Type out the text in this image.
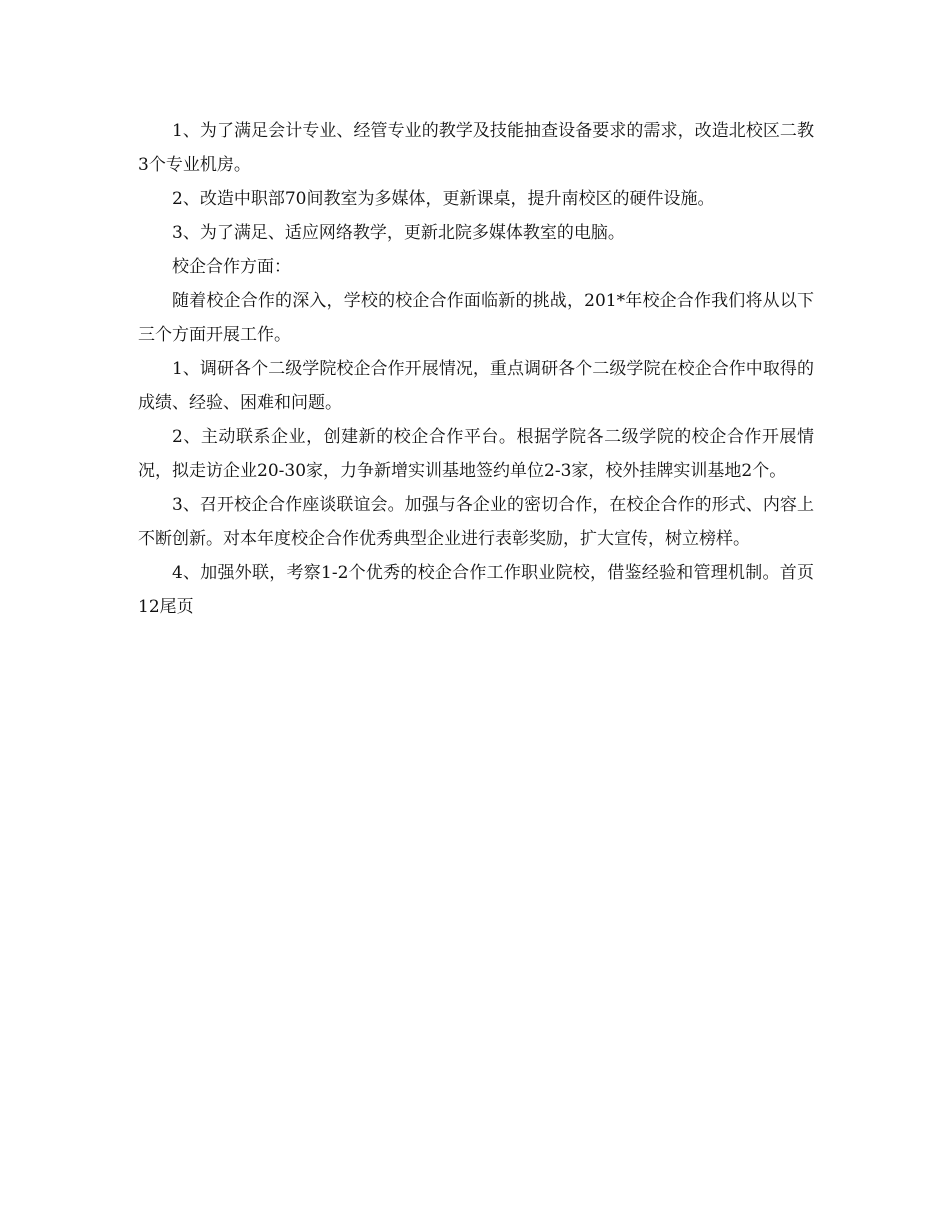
1、为了满足会计专业、经管专业的教学及技能抽查设备要求的需求，改造北校区二教3个专业机房。

2、改造中职部70间教室为多媒体，更新课桌，提升南校区的硬件设施。

3、为了满足、适应网络教学，更新北院多媒体教室的电脑。

校企合作方面：

随着校企合作的深入，学校的校企合作面临新的挑战，201*年校企合作我们将从以下三个方面开展工作。

1、调研各个二级学院校企合作开展情况，重点调研各个二级学院在校企合作中取得的成绩、经验、困难和问题。

2、主动联系企业，创建新的校企合作平台。根据学院各二级学院的校企合作开展情况，拟走访企业20-30家，力争新增实训基地签约单位2-3家，校外挂牌实训基地2个。

3、召开校企合作座谈联谊会。加强与各企业的密切合作，在校企合作的形式、内容上不断创新。对本年度校企合作优秀典型企业进行表彰奖励，扩大宣传，树立榜样。

4、加强外联，考察1-2个优秀的校企合作工作职业院校，借鉴经验和管理机制。首页12尾页
